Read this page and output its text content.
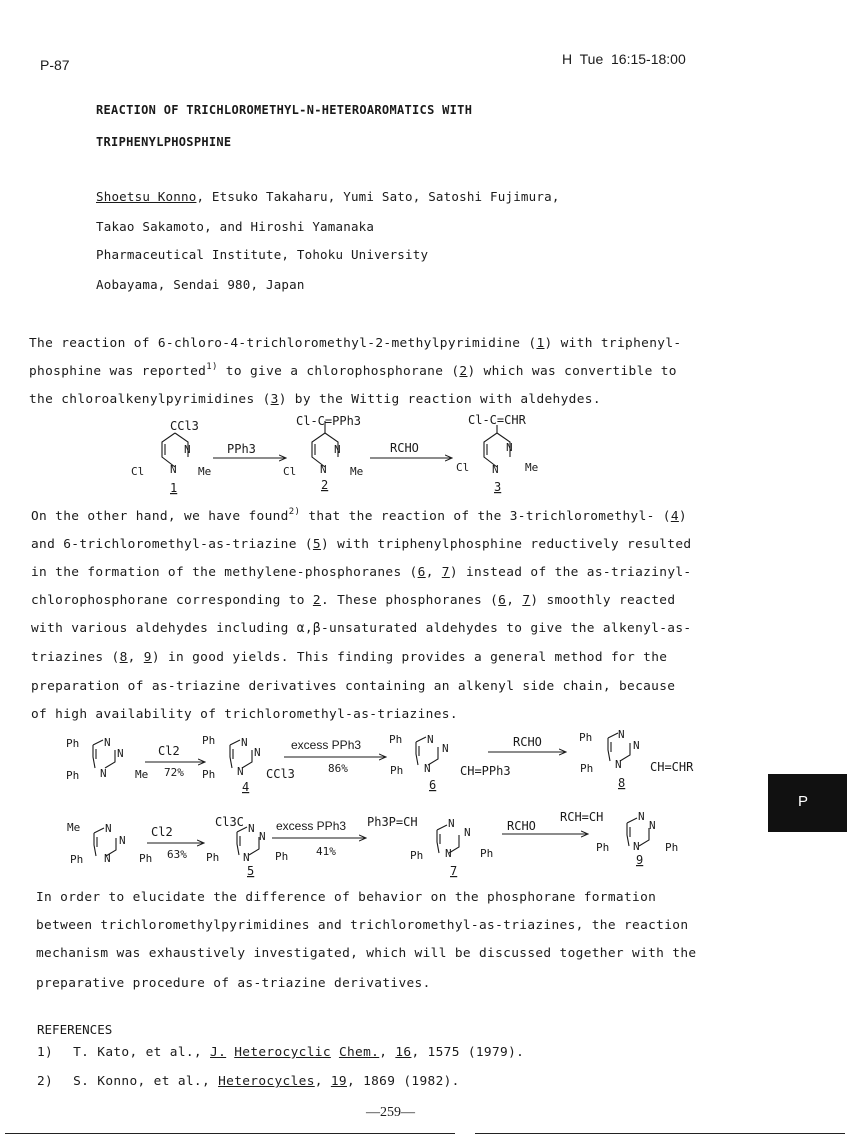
P-87	H  Tue  16:15-18:00
REACTION OF TRICHLOROMETHYL-N-HETEROAROMATICS WITH
TRIPHENYLPHOSPHINE
Shoetsu Konno, Etsuko Takaharu, Yumi Sato, Satoshi Fujimura,
Takao Sakamoto, and Hiroshi Yamanaka
Pharmaceutical Institute, Tohoku University
Aobayama, Sendai 980, Japan
The reaction of 6-chloro-4-trichloromethyl-2-methylpyrimidine (1) with triphenyl-
phosphine was reported$^{1)}$ to give a chlorophosphorane (2) which was convertible to
the chloroalkenylpyrimidines (3) by the Wittig reaction with aldehydes.
On the other hand, we have found$^{2)}$ that the reaction of the 3-trichloromethyl- (4)
and 6-trichloromethyl-as-triazine (5) with triphenylphosphine reductively resulted
in the formation of the methylene-phosphoranes (6, 7) instead of the as-triazinyl-
chlorophosphorane corresponding to 2. These phosphoranes (6, 7) smoothly reacted
with various aldehydes including α,β-unsaturated aldehydes to give the alkenyl-as-
triazines (8, 9) in good yields. This finding provides a general method for the
preparation of as-triazine derivatives containing an alkenyl side chain, because
of high availability of trichloromethyl-as-triazines.
CCl3
N
Cl N Me
1
PPh3
Cl-C=PPh3
N
Cl N Me
2
RCHO
Cl-C=CHR
N
Cl N Me
3
Ph N
N
Ph N	Me
Cl2
72%
Ph N
N
Ph N CCl3
4
excess PPh3
86%
Ph N
N
Ph N CH=PPh3
6
RCHO	Ph N
N
Ph N CH=CHR
8
Me N
N
Ph N	Ph
Cl2
63%
Cl3C N
N
Ph N Ph
5
excess PPh3
41%
Ph3P=CH	N
N
Ph N	Ph
7
RCHO
RCH=CH	N
N
Ph N Ph
9
P
In order to elucidate the difference of behavior on the phosphorane formation
between trichloromethylpyrimidines and trichloromethyl-as-triazines, the reaction
mechanism was exhaustively investigated, which will be discussed together with the
preparative procedure of as-triazine derivatives.
REFERENCES
1) T. Kato, et al., J. Heterocyclic Chem., 16, 1575 (1979).
2) S. Konno, et al., Heterocycles, 19, 1869 (1982).
—259—
